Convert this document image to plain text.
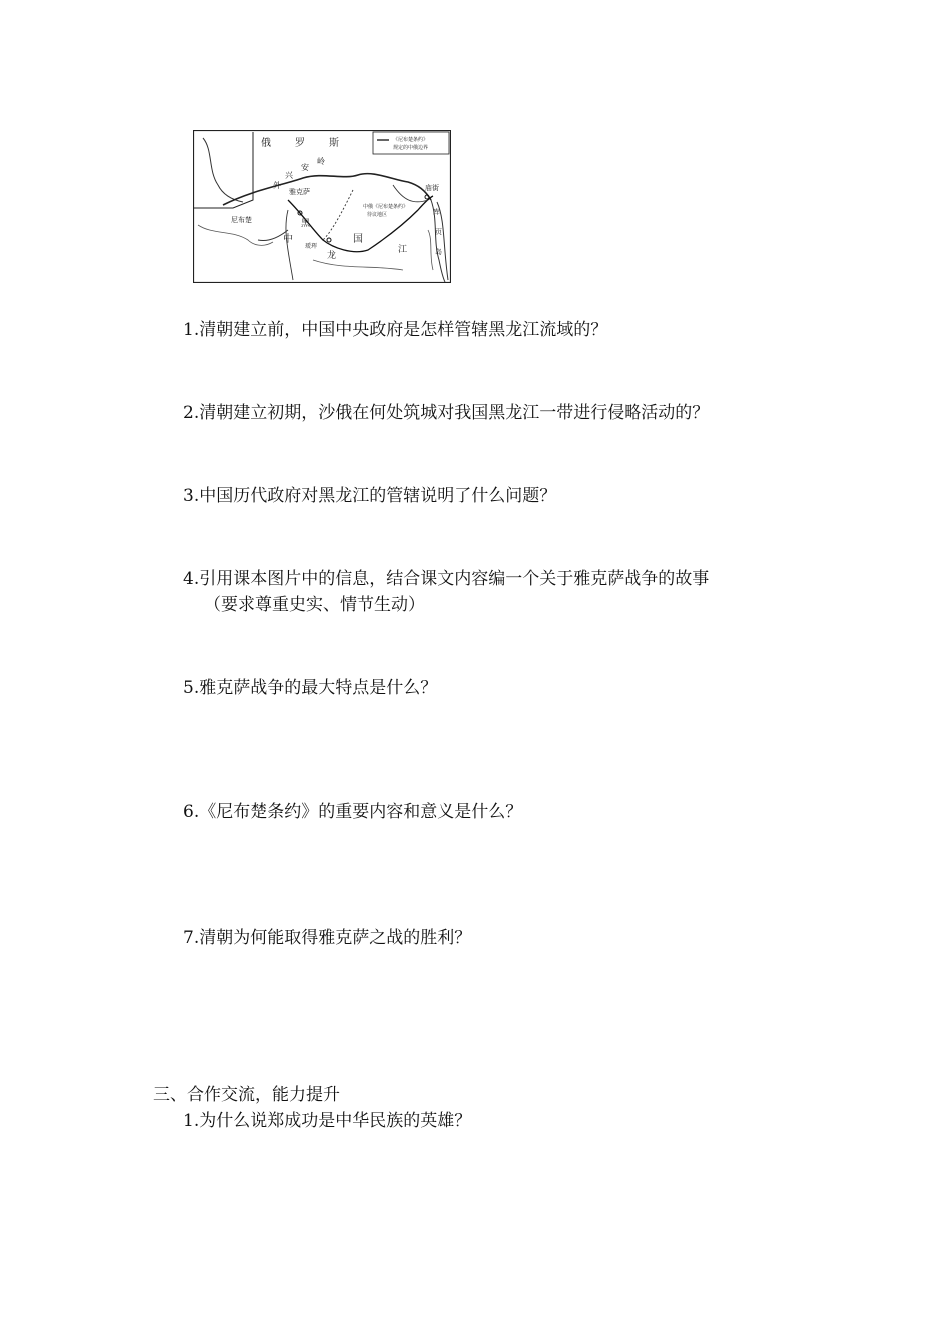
俄 罗 斯
外
兴
安
岭
雅克萨
尼布楚	黑
龙
江
中	国
瑷珲
庙街
中俄《尼布楚条约》
待议地区	库
页
岛
《尼布楚条约》
规定的中俄边界
1.清朝建立前，中国中央政府是怎样管辖黑龙江流域的？
2.清朝建立初期，沙俄在何处筑城对我国黑龙江一带进行侵略活动的？
3.中国历代政府对黑龙江的管辖说明了什么问题？
4.引用课本图片中的信息，结合课文内容编一个关于雅克萨战争的故事
（要求尊重史实、情节生动）
5.雅克萨战争的最大特点是什么？
6.《尼布楚条约》的重要内容和意义是什么？
7.清朝为何能取得雅克萨之战的胜利？
三、合作交流，能力提升
1.为什么说郑成功是中华民族的英雄？
